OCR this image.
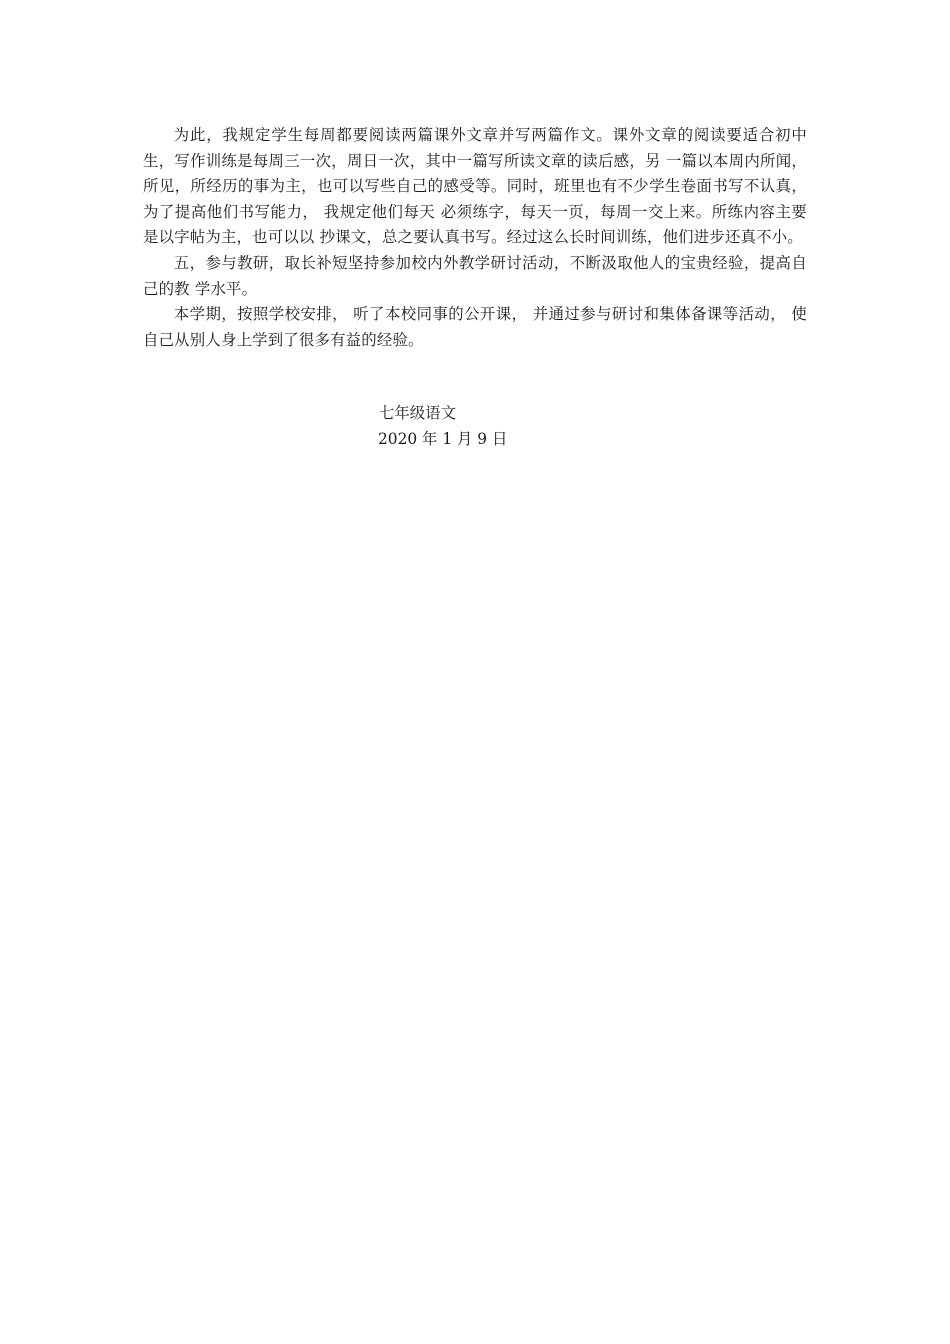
为此，我规定学生每周都要阅读两篇课外文章并写两篇作文。课外文章的阅读要适合初中生，写作训练是每周三一次，周日一次，其中一篇写所读文章的读后感，另 一篇以本周内所闻，所见，所经历的事为主，也可以写些自己的感受等。同时，班里也有不少学生卷面书写不认真，为了提高他们书写能力， 我规定他们每天 必须练字，每天一页，每周一交上来。所练内容主要是以字帖为主，也可以以 抄课文，总之要认真书写。经过这么长时间训练，他们进步还真不小。

五，参与教研，取长补短坚持参加校内外教学研讨活动，不断汲取他人的宝贵经验，提高自己的教 学水平。

本学期，按照学校安排， 听了本校同事的公开课， 并通过参与研讨和集体备课等活动， 使自己从别人身上学到了很多有益的经验。

七年级语文
2020 年 1 月 9 日
